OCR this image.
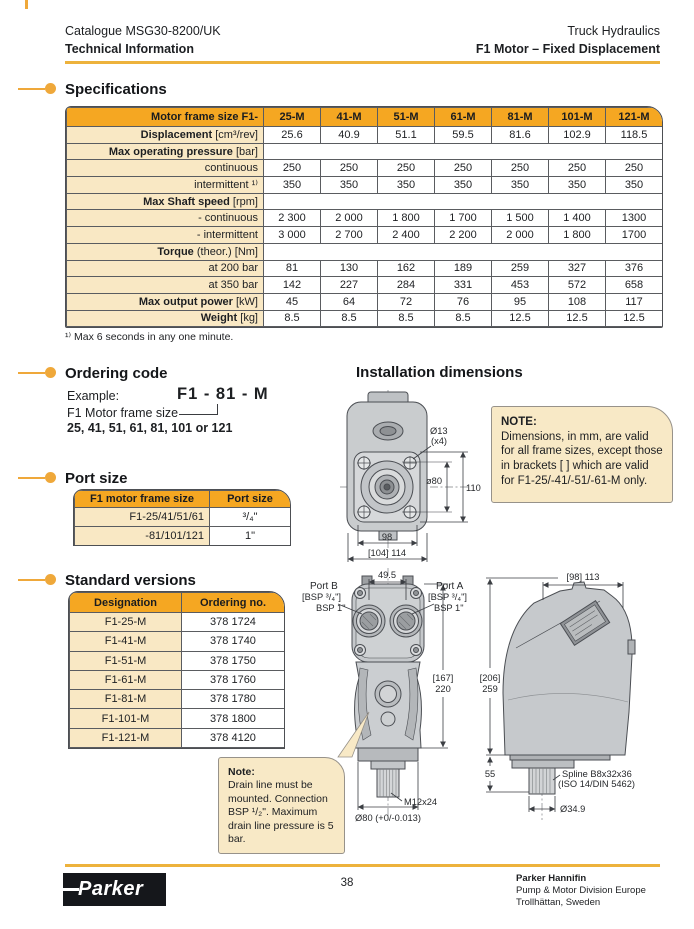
Catalogue MSG30-8200/UK
Technical Information
Truck Hydraulics
F1 Motor – Fixed Displacement
Specifications
Motor frame size F1-	25-M	41-M	51-M	61-M	81-M	101-M	121-M
Displacement [cm³/rev]	25.6	40.9	51.1	59.5	81.6	102.9	118.5
Max operating pressure [bar]							
continuous	250	250	250	250	250	250	250
intermittent ¹⁾	350	350	350	350	350	350	350
Max Shaft speed [rpm]							
- continuous	2 300	2 000	1 800	1 700	1 500	1 400	1300
- intermittent	3 000	2 700	2 400	2 200	2 000	1 800	1700
Torque (theor.) [Nm]							
at 200 bar	81	130	162	189	259	327	376
at 350 bar	142	227	284	331	453	572	658
Max output power [kW]	45	64	72	76	95	108	117
Weight [kg]	8.5	8.5	8.5	8.5	12.5	12.5	12.5
¹⁾ Max 6 seconds in any one minute.
Ordering code
Example:	F1 - 81 - M
F1 Motor frame size
25, 41, 51, 61, 81, 101 or 121
Port size
F1 motor frame size	Port size
F1-25/41/51/61	³/₄"
-81/101/121	1"
Standard versions
Designation	Ordering no.
F1-25-M	378 1724
F1-41-M	378 1740
F1-51-M	378 1750
F1-61-M	378 1760
F1-81-M	378 1780
F1-101-M	378 1800
F1-121-M	378 4120
Installation dimensions
Ø13
(x4)
ø80
110
98
[104] 114
49.5
Port B
[BSP ³/₄"]
BSP 1"
Port A
[BSP ³/₄"]
BSP 1"
[167]
220
M12x24
Ø80 (+0/-0.013)
[98] 113
[206]
259
55	Spline B8x32x36
(ISO 14/DIN 5462)
Ø34.9
NOTE:
Dimensions, in mm, are valid for all frame sizes, except those in brackets [ ] which are valid for F1-25/-41/-51/-61-M only.
Note:
Drain line must be mounted. Connection BSP ¹/₂". Maximum drain line pressure is 5 bar.
Parker	38	Parker Hannifin
Pump & Motor Division Europe
Trollhättan, Sweden
